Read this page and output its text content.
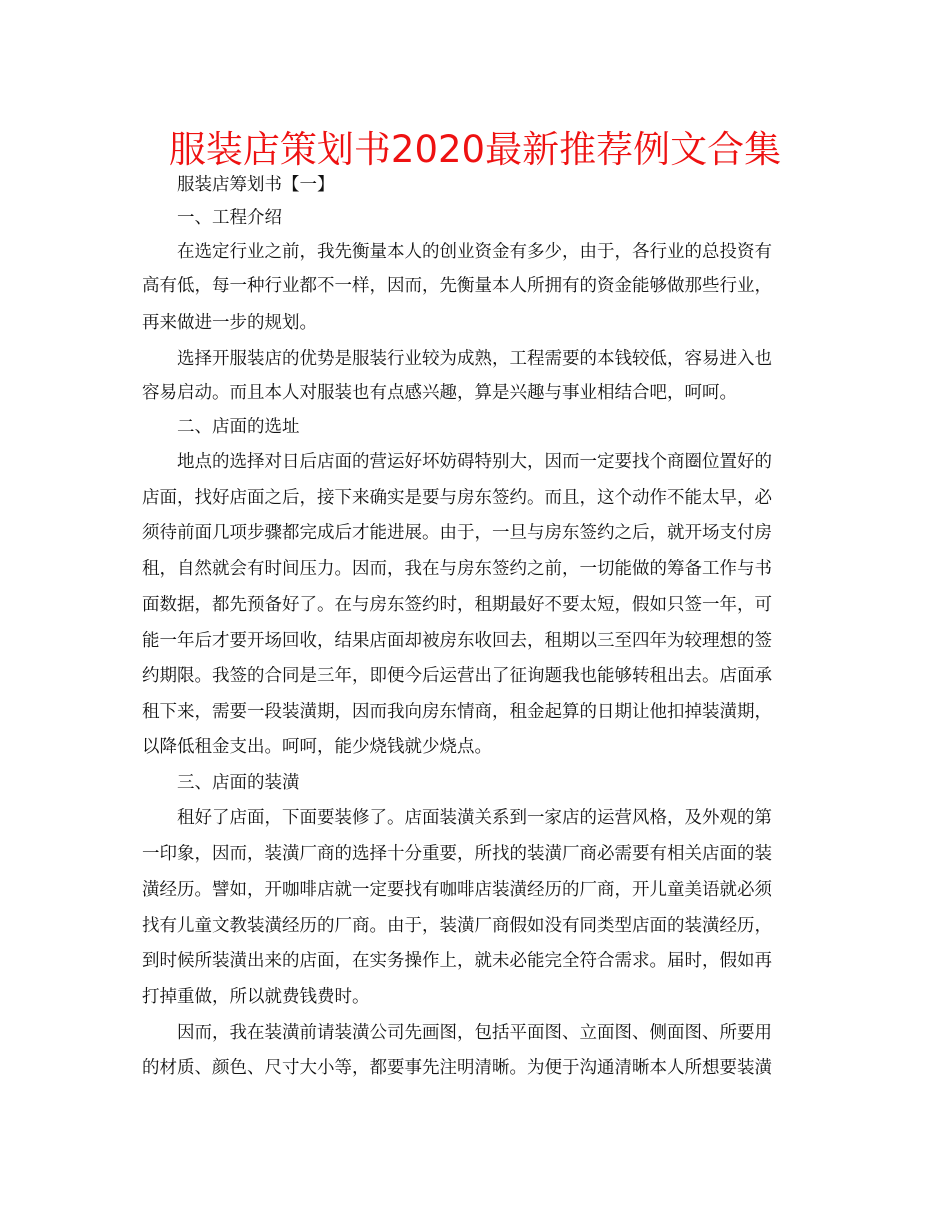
服装店策划书2020最新推荐例文合集

服装店筹划书【一】

一、工程介绍

在选定行业之前，我先衡量本人的创业资金有多少，由于，各行业的总投资有

高有低，每一种行业都不一样，因而，先衡量本人所拥有的资金能够做那些行业，

再来做进一步的规划。

选择开服装店的优势是服装行业较为成熟，工程需要的本钱较低，容易进入也

容易启动。而且本人对服装也有点感兴趣，算是兴趣与事业相结合吧，呵呵。

二、店面的选址

地点的选择对日后店面的营运好坏妨碍特别大，因而一定要找个商圈位置好的

店面，找好店面之后，接下来确实是要与房东签约。而且，这个动作不能太早，必

须待前面几项步骤都完成后才能进展。由于，一旦与房东签约之后，就开场支付房

租，自然就会有时间压力。因而，我在与房东签约之前，一切能做的筹备工作与书

面数据，都先预备好了。在与房东签约时，租期最好不要太短，假如只签一年，可

能一年后才要开场回收，结果店面却被房东收回去，租期以三至四年为较理想的签

约期限。我签的合同是三年，即便今后运营出了征询题我也能够转租出去。店面承

租下来，需要一段装潢期，因而我向房东情商，租金起算的日期让他扣掉装潢期，

以降低租金支出。呵呵，能少烧钱就少烧点。

三、店面的装潢

租好了店面，下面要装修了。店面装潢关系到一家店的运营风格，及外观的第

一印象，因而，装潢厂商的选择十分重要，所找的装潢厂商必需要有相关店面的装

潢经历。譬如，开咖啡店就一定要找有咖啡店装潢经历的厂商，开儿童美语就必须

找有儿童文教装潢经历的厂商。由于，装潢厂商假如没有同类型店面的装潢经历，

到时候所装潢出来的店面，在实务操作上，就未必能完全符合需求。届时，假如再

打掉重做，所以就费钱费时。

因而，我在装潢前请装潢公司先画图，包括平面图、立面图、侧面图、所要用

的材质、颜色、尺寸大小等，都要事先注明清晰。为便于沟通清晰本人所想要装潢
